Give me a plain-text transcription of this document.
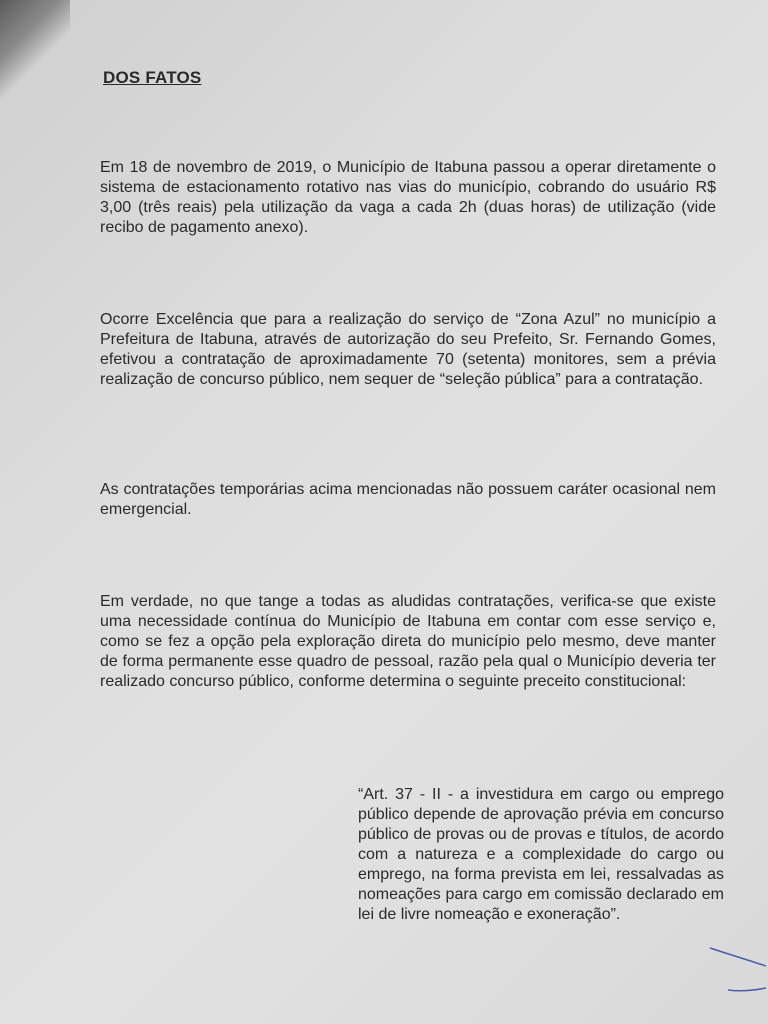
DOS FATOS

Em 18 de novembro de 2019, o Município de Itabuna passou a operar diretamente o sistema de estacionamento rotativo nas vias do município, cobrando do usuário R$ 3,00 (três reais) pela utilização da vaga a cada 2h (duas horas) de utilização (vide recibo de pagamento anexo).

Ocorre Excelência que para a realização do serviço de “Zona Azul” no município a Prefeitura de Itabuna, através de autorização do seu Prefeito, Sr. Fernando Gomes, efetivou a contratação de aproximadamente 70 (setenta) monitores, sem a prévia realização de concurso público, nem sequer de “seleção pública” para a contratação.

As contratações temporárias acima mencionadas não possuem caráter ocasional nem emergencial.

Em verdade, no que tange a todas as aludidas contratações, verifica-se que existe uma necessidade contínua do Município de Itabuna em contar com esse serviço e, como se fez a opção pela exploração direta do município pelo mesmo, deve manter de forma permanente esse quadro de pessoal, razão pela qual o Município deveria ter realizado concurso público, conforme determina o seguinte preceito constitucional:

“Art. 37 - II - a investidura em cargo ou emprego público depende de aprovação prévia em concurso público de provas ou de provas e títulos, de acordo com a natureza e a complexidade do cargo ou emprego, na forma prevista em lei, ressalvadas as nomeações para cargo em comissão declarado em lei de livre nomeação e exoneração”.
